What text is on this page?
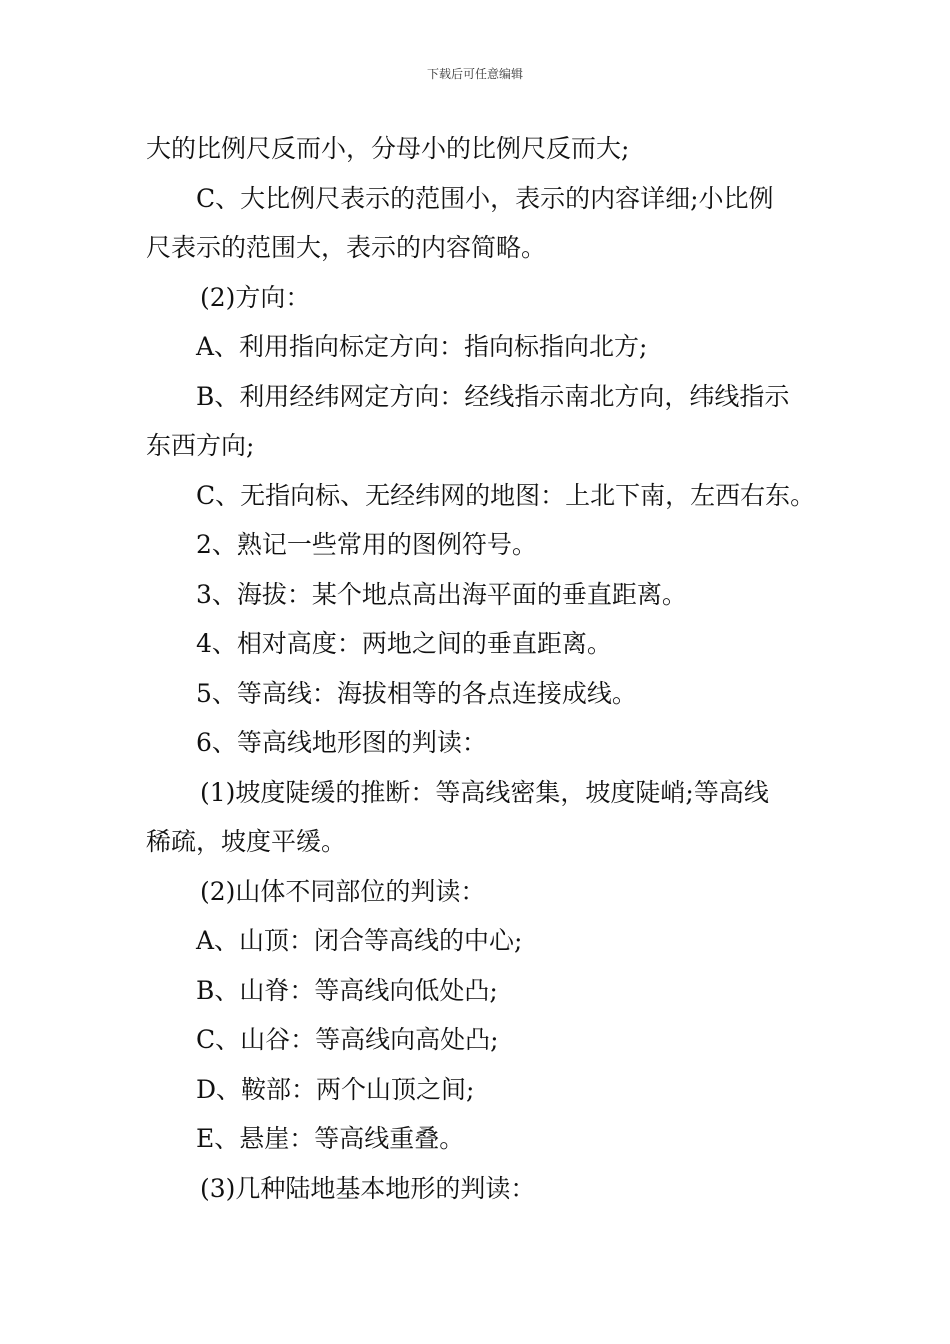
下载后可任意编辑

大的比例尺反而小，分母小的比例尺反而大;

C、大比例尺表示的范围小，表示的内容详细;小比例

尺表示的范围大，表示的内容简略。

(2)方向：

A、利用指向标定方向：指向标指向北方;

B、利用经纬网定方向：经线指示南北方向，纬线指示

东西方向;

C、无指向标、无经纬网的地图：上北下南，左西右东。

2、熟记一些常用的图例符号。

3、海拔：某个地点高出海平面的垂直距离。

4、相对高度：两地之间的垂直距离。

5、等高线：海拔相等的各点连接成线。

6、等高线地形图的判读：

(1)坡度陡缓的推断：等高线密集，坡度陡峭;等高线

稀疏，坡度平缓。

(2)山体不同部位的判读：

A、山顶：闭合等高线的中心;

B、山脊：等高线向低处凸;

C、山谷：等高线向高处凸;

D、鞍部：两个山顶之间;

E、悬崖：等高线重叠。

(3)几种陆地基本地形的判读：
